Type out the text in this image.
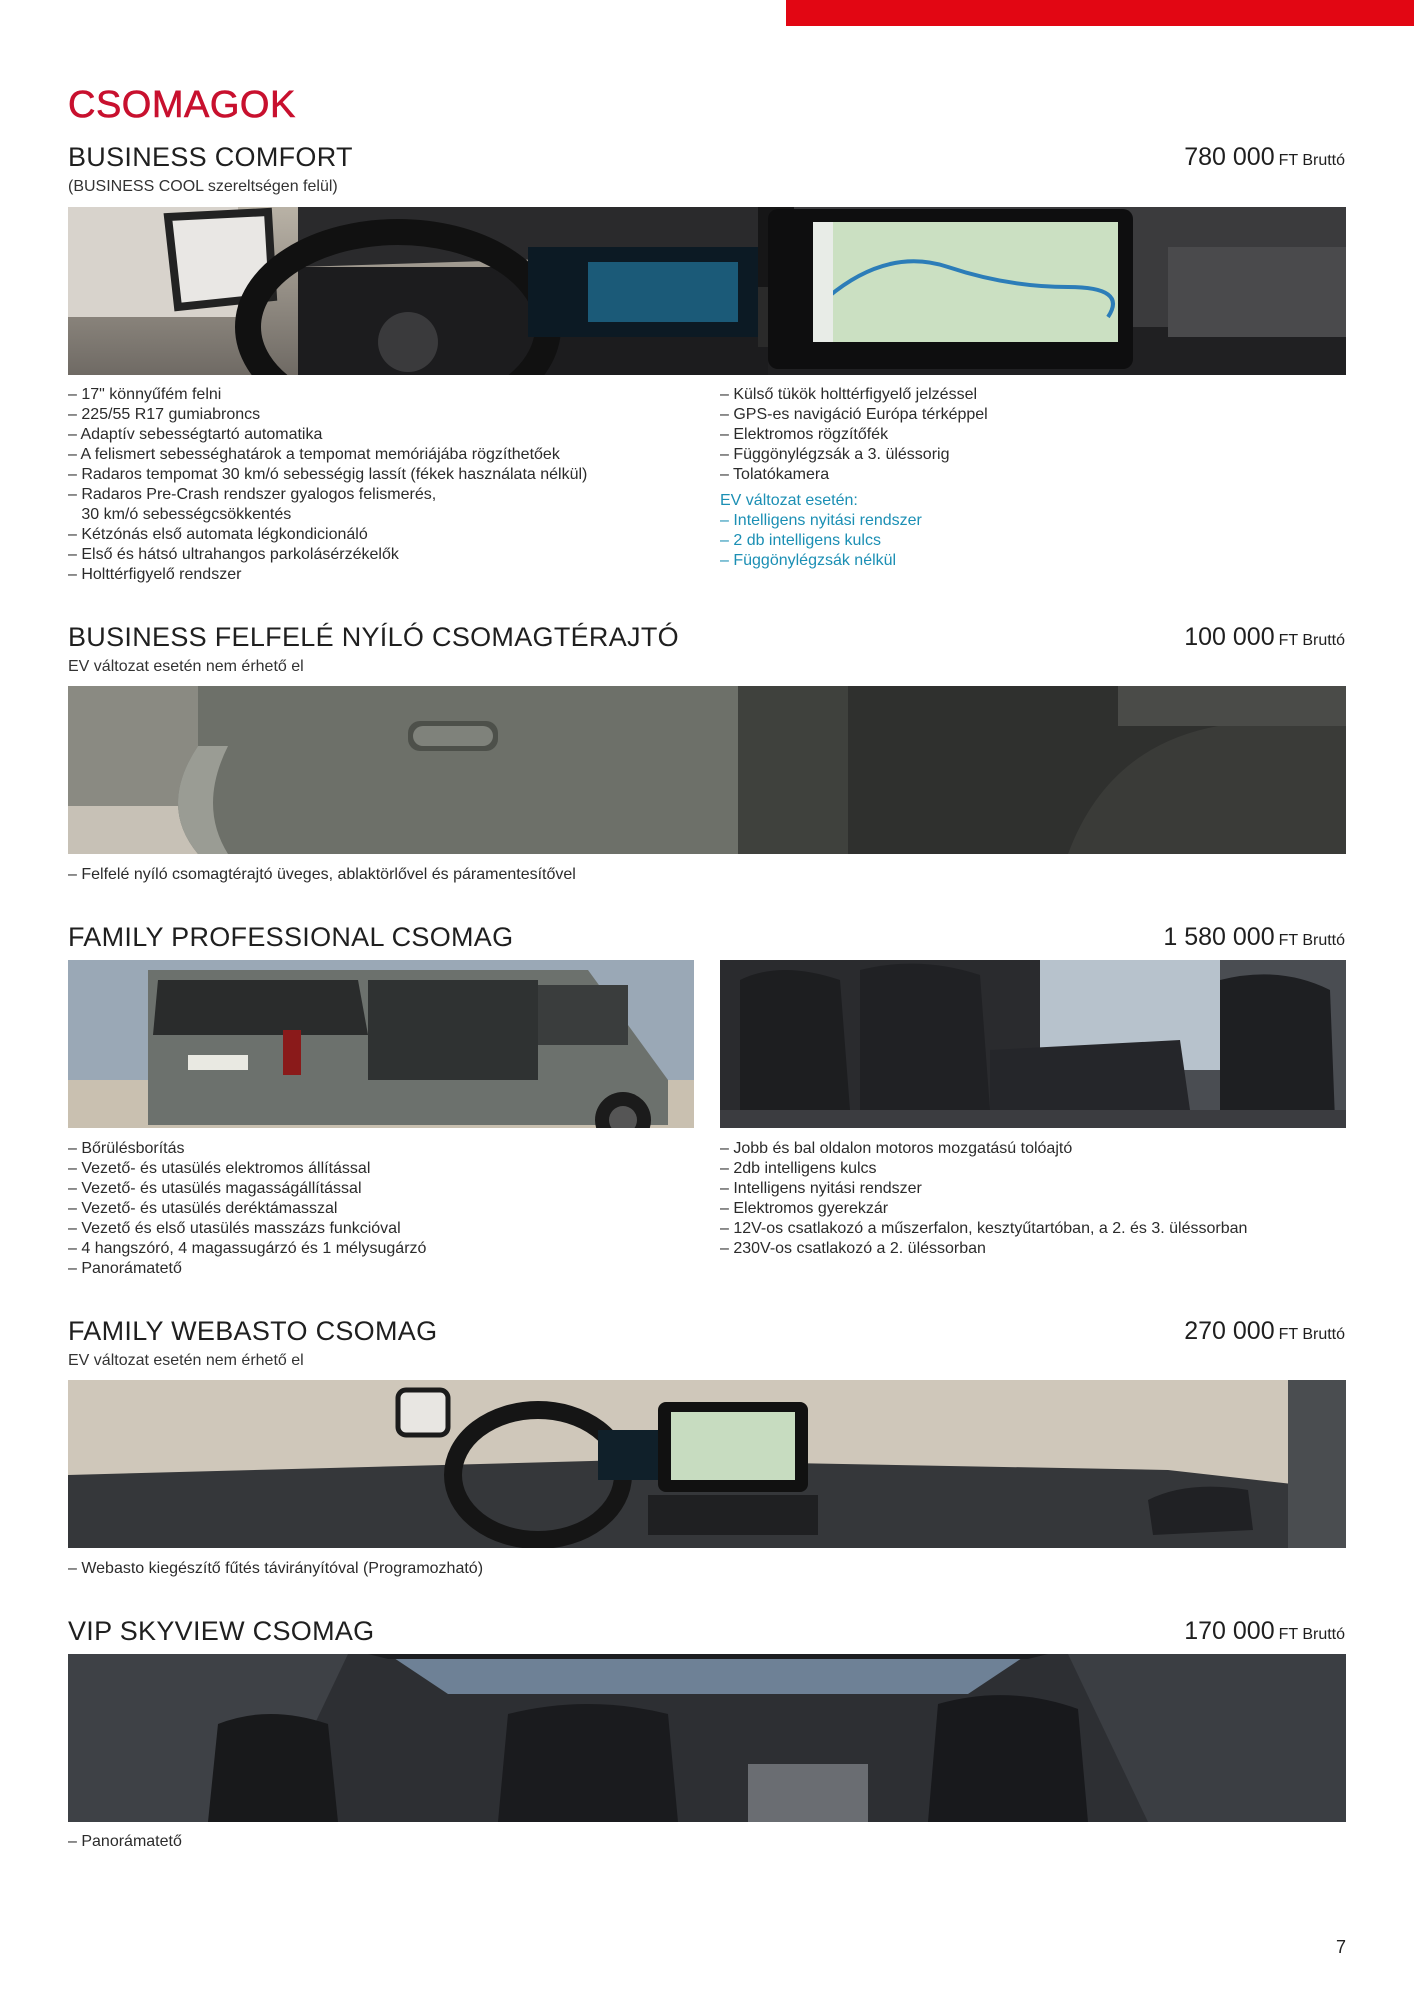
CSOMAGOK
BUSINESS COMFORT	780 000 FT Bruttó
(BUSINESS COOL szereltségen felül)
– 17" könnyűfém felni
– 225/55 R17 gumiabroncs
– Adaptív sebességtartó automatika
– A felismert sebességhatárok a tempomat memóriájába rögzíthetőek
– Radaros tempomat 30 km/ó sebességig lassít (fékek használata nélkül)
– Radaros Pre-Crash rendszer gyalogos felismerés,
30 km/ó sebességcsökkentés
– Kétzónás első automata légkondicionáló
– Első és hátsó ultrahangos parkolásérzékelők
– Holttérfigyelő rendszer
– Külső tükök holttérfigyelő jelzéssel
– GPS-es navigáció Európa térképpel
– Elektromos rögzítőfék
– Függönylégzsák a 3. üléssorig
– Tolatókamera
EV változat esetén:
– Intelligens nyitási rendszer
– 2 db intelligens kulcs
– Függönylégzsák nélkül
BUSINESS FELFELÉ NYÍLÓ CSOMAGTÉRAJTÓ	100 000 FT Bruttó
EV változat esetén nem érhető el
– Felfelé nyíló csomagtérajtó üveges, ablaktörlővel és páramentesítővel
FAMILY PROFESSIONAL CSOMAG	1 580 000 FT Bruttó
– Bőrülésborítás
– Vezető- és utasülés elektromos állítással
– Vezető- és utasülés magasságállítással
– Vezető- és utasülés deréktámasszal
– Vezető és első utasülés masszázs funkcióval
– 4 hangszóró, 4 magassugárzó és 1 mélysugárzó
– Panorámatető
– Jobb és bal oldalon motoros mozgatású tolóajtó
– 2db intelligens kulcs
– Intelligens nyitási rendszer
– Elektromos gyerekzár
– 12V-os csatlakozó a műszerfalon, kesztyűtartóban, a 2. és 3. üléssorban
– 230V-os csatlakozó a 2. üléssorban
FAMILY WEBASTO CSOMAG	270 000 FT Bruttó
EV változat esetén nem érhető el
– Webasto kiegészítő fűtés távirányítóval (Programozható)
VIP SKYVIEW CSOMAG	170 000 FT Bruttó
– Panorámatető
7
